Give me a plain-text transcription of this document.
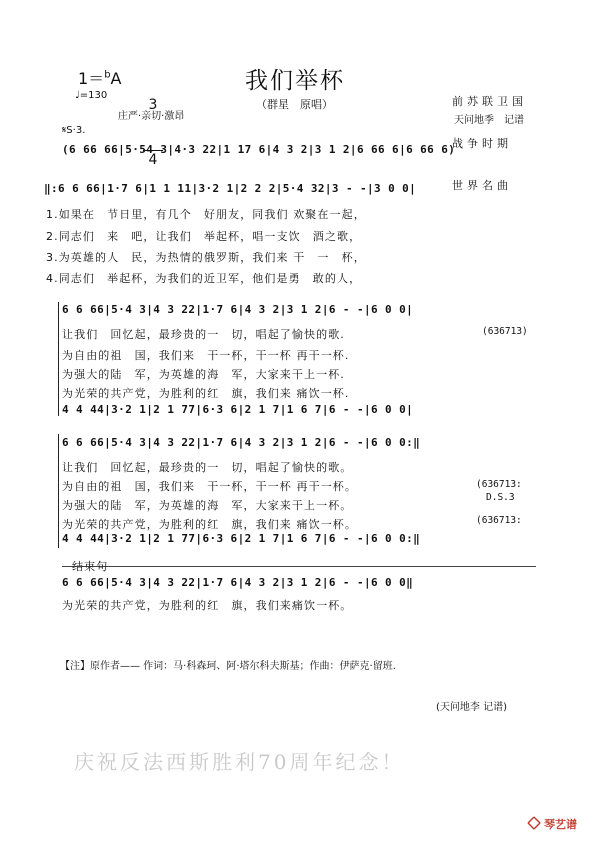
我们举杯
（群星　原唱）
1＝$^b$A

3

4

♩=130
庄严·亲切·激昂

前苏联卫国

战争时期

世界名曲

天问地季　记谱
𝄋S·3.
(6 66 66|5·54 3|4·3 22|1 17 6|4 3 2|3 1 2|6 66 6|6 66 6)
‖:6 6 66|1·7 6|1 1 11|3·2 1|2 2 2|5·4 32|3 - -|3 0 0|
1.如果在　节日里，有几个　好朋友，同我们 欢聚在一起，
2.同志们　来　吧，让我们　举起杯，唱一支饮　酒之歌，
3.为英雄的人　民，为热情的俄罗斯，我们来 干　一　杯，
4.同志们　举起杯，为我们的近卫军，他们是勇　敢的人，
6 6 66|5·4 3|4 3 22|1·7 6|4 3 2|3 1 2|6 - -|6 0 0|
让我们　回忆起，最珍贵的一　切，唱起了愉快的歌.
为自由的祖　国，我们来　干一杯，干一杯 再干一杯.
为强大的陆　军，为英雄的海　军，大家来干上一杯.
为光荣的共产党，为胜利的红　旗，我们来 痛饮一杯.
(636713)
4 4 44|3·2 1|2 1 77|6·3 6|2 1 7|1 6 7|6 - -|6 0 0|
6 6 66|5·4 3|4 3 22|1·7 6|4 3 2|3 1 2|6 - -|6 0 0:‖
让我们　回忆起，最珍贵的一　切，唱起了愉快的歌。
为自由的祖　国，我们来　干一杯，干一杯 再干一杯。
为强大的陆　军，为英雄的海　军，大家来干上一杯。
为光荣的共产党，为胜利的红　旗，我们来 痛饮一杯。
(636713:
D.S.3
(636713:
4 4 44|3·2 1|2 1 77|6·3 6|2 1 7|1 6 7|6 - -|6 0 0:‖
结束句
6 6 66|5·4 3|4 3 22|1·7 6|4 3 2|3 1 2|6 - -|6 0 0‖
为光荣的共产党，为胜利的红　旗，我们来痛饮一杯。
【注】原作者—— 作词：马·科森珂、阿·塔尔科夫斯基；作曲：伊萨克·留班.
(天问地李 记谱)
庆祝反法西斯胜利70周年纪念！
琴艺谱
